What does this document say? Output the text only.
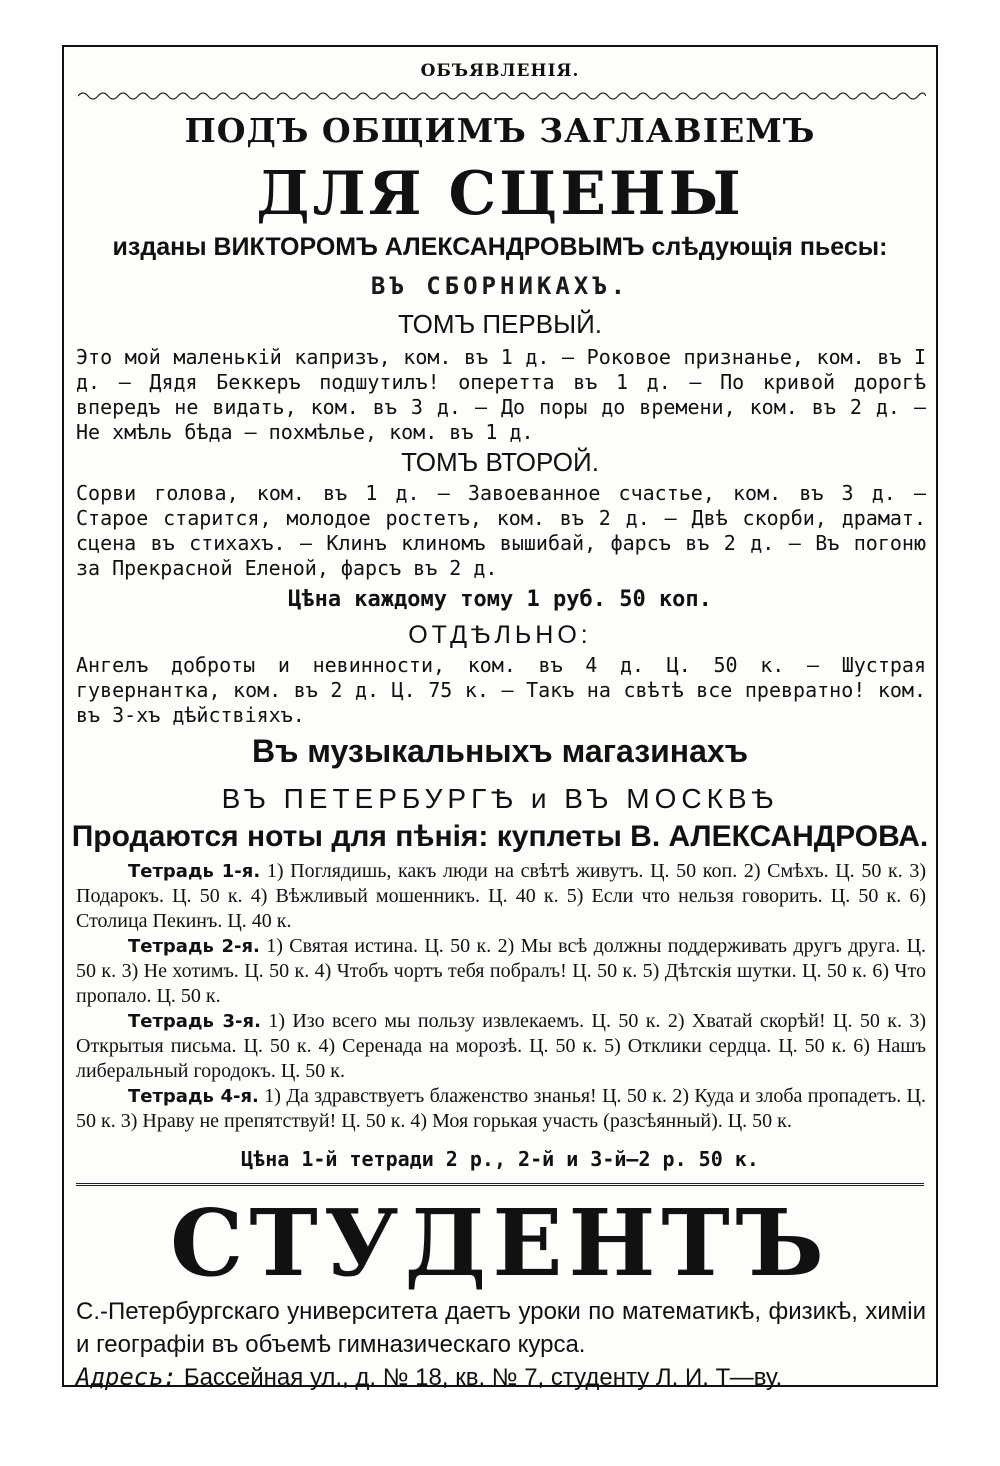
ОБЪЯВЛЕНІЯ.
ПОДЪ ОБЩИМЪ ЗАГЛАВІЕМЪ
ДЛЯ СЦЕНЫ
изданы ВИКТОРОМЪ АЛЕКСАНДРОВЫМЪ слѣдующія пьесы:
ВЪ СБОРНИКАХЪ.
ТОМЪ ПЕРВЫЙ.
Это мой маленькій капризъ, ком. въ 1 д. — Роковое признанье, ком. въ I д. — Дядя Беккеръ подшутилъ! оперетта въ 1 д. — По кривой дорогѣ впередъ не видать, ком. въ 3 д. — До поры до времени, ком. въ 2 д. — Не хмѣль бѣда — похмѣлье, ком. въ 1 д.
ТОМЪ ВТОРОЙ.
Сорви голова, ком. въ 1 д. — Завоеванное счастье, ком. въ 3 д. — Старое старится, молодое ростетъ, ком. въ 2 д. — Двѣ скорби, драмат. сцена въ стихахъ. — Клинъ клиномъ вышибай, фарсъ въ 2 д. — Въ погоню за Прекрасной Еленой, фарсъ въ 2 д.
Цѣна каждому тому 1 руб. 50 коп.
ОТДѢЛЬНО:
Ангелъ доброты и невинности, ком. въ 4 д. Ц. 50 к. — Шустрая гувернантка, ком. въ 2 д. Ц. 75 к. — Такъ на свѣтѣ все превратно! ком. въ 3-хъ дѣйствіяхъ.
Въ музыкальныхъ магазинахъ
ВЪ ПЕТЕРБУРГѢ и ВЪ МОСКВѢ
Продаются ноты для пѣнія: куплеты В. АЛЕКСАНДРОВА.

Тетрадь 1-я. 1) Поглядишь, какъ люди на свѣтѣ живутъ. Ц. 50 коп. 2) Смѣхъ. Ц. 50 к. 3) Подарокъ. Ц. 50 к. 4) Вѣжливый мошенникъ. Ц. 40 к. 5) Если что нельзя говорить. Ц. 50 к. 6) Столица Пекинъ. Ц. 40 к.

Тетрадь 2-я. 1) Святая истина. Ц. 50 к. 2) Мы всѣ должны поддерживать другъ друга. Ц. 50 к. 3) Не хотимъ. Ц. 50 к. 4) Чтобъ чортъ тебя побралъ! Ц. 50 к. 5) Дѣтскія шутки. Ц. 50 к. 6) Что пропало. Ц. 50 к.

Тетрадь 3-я. 1) Изо всего мы пользу извлекаемъ. Ц. 50 к. 2) Хватай скорѣй! Ц. 50 к. 3) Открытыя письма. Ц. 50 к. 4) Серенада на морозѣ. Ц. 50 к. 5) Отклики сердца. Ц. 50 к. 6) Нашъ либеральный городокъ. Ц. 50 к.

Тетрадь 4-я. 1) Да здравствуетъ блаженство знанья! Ц. 50 к. 2) Куда и злоба пропадетъ. Ц. 50 к. 3) Нраву не препятствуй! Ц. 50 к. 4) Моя горькая участь (разсѣянный). Ц. 50 к.

Цѣна 1-й тетради 2 р., 2-й и 3-й—2 р. 50 к.
СТУДЕНТЪ
С.-Петербургскаго университета даетъ уроки по математикѣ, физикѣ, химіи и географіи въ объемѣ гимназическаго курса.
Адресъ: Бассейная ул., д. № 18, кв. № 7, студенту Л. И. Т—ву.
